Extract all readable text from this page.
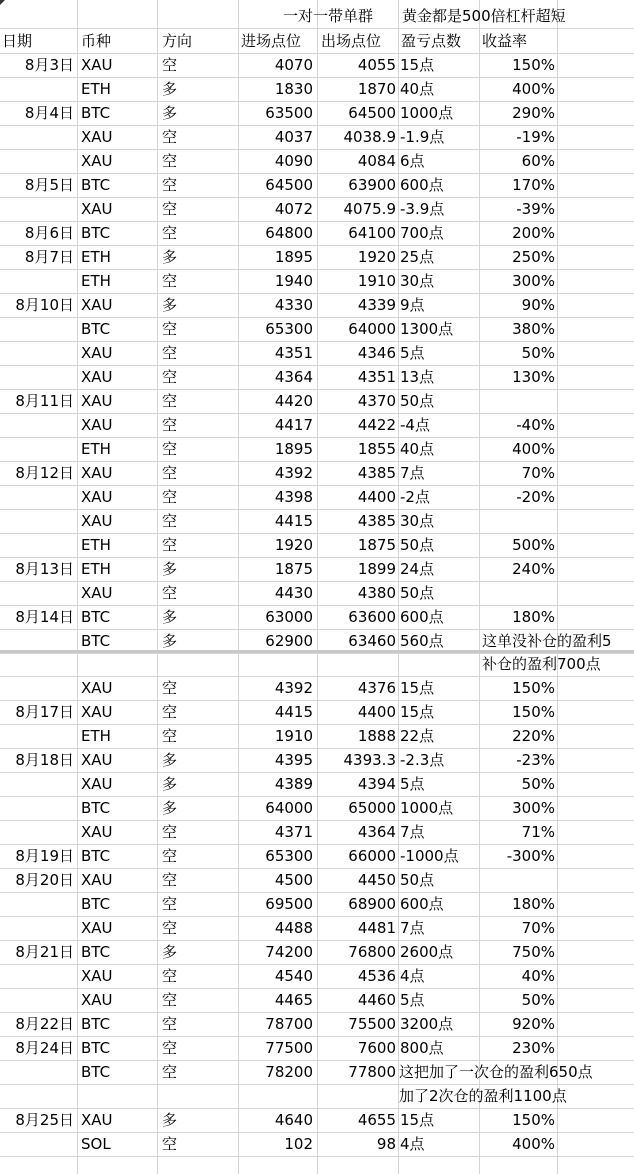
一对一带单群 黄金都是500倍杠杆超短
日期	币种	方向	进场点位 出场点位 盈亏点数 收益率
8月3日 XAU	空	4070	4055 15点	150%
ETH	多	1830	1870 40点	400%
8月4日 BTC	多	63500	64500 1000点	290%
XAU	空	4037	4038.9 -1.9点	-19%
XAU	空	4090	4084 6点	60%
8月5日 BTC	空	64500	63900 600点	170%
XAU	空	4072	4075.9 -3.9点	-39%
8月6日 BTC	空	64800	64100 700点	200%
8月7日 ETH	多	1895	1920 25点	250%
ETH	空	1940	1910 30点	300%
8月10日 XAU	多	4330	4339 9点	90%
BTC	空	65300	64000 1300点	380%
XAU	空	4351	4346 5点	50%
XAU	空	4364	4351 13点	130%
8月11日 XAU	空	4420	4370 50点
XAU	空	4417	4422 -4点	-40%
ETH	空	1895	1855 40点	400%
8月12日 XAU	空	4392	4385 7点	70%
XAU	空	4398	4400 -2点	-20%
XAU	空	4415	4385 30点
ETH	空	1920	1875 50点	500%
8月13日 ETH	多	1875	1899 24点	240%
XAU	空	4430	4380 50点
8月14日 BTC	多	63000	63600 600点	180%
BTC	多	62900	63460 560点	这单没补仓的盈利5
补仓的盈利700点
XAU	空	4392	4376 15点	150%
8月17日 XAU	空	4415	4400 15点	150%
ETH	空	1910	1888 22点	220%
8月18日 XAU	多	4395	4393.3 -2.3点	-23%
XAU	多	4389	4394 5点	50%
BTC	多	64000	65000 1000点	300%
XAU	空	4371	4364 7点	71%
8月19日 BTC	空	65300	66000 -1000点	-300%
8月20日 XAU	空	4500	4450 50点
BTC	空	69500	68900 600点	180%
XAU	空	4488	4481 7点	70%
8月21日 BTC	多	74200	76800 2600点	750%
XAU	空	4540	4536 4点	40%
XAU	空	4465	4460 5点	50%
8月22日 BTC	空	78700	75500 3200点	920%
8月24日 BTC	空	77500	7600 800点	230%
BTC	空	78200	77800 这把加了一次仓的盈利650点
加了2次仓的盈利1100点
8月25日 XAU	多	4640	4655 15点	150%
SOL	空	102	98 4点	400%
